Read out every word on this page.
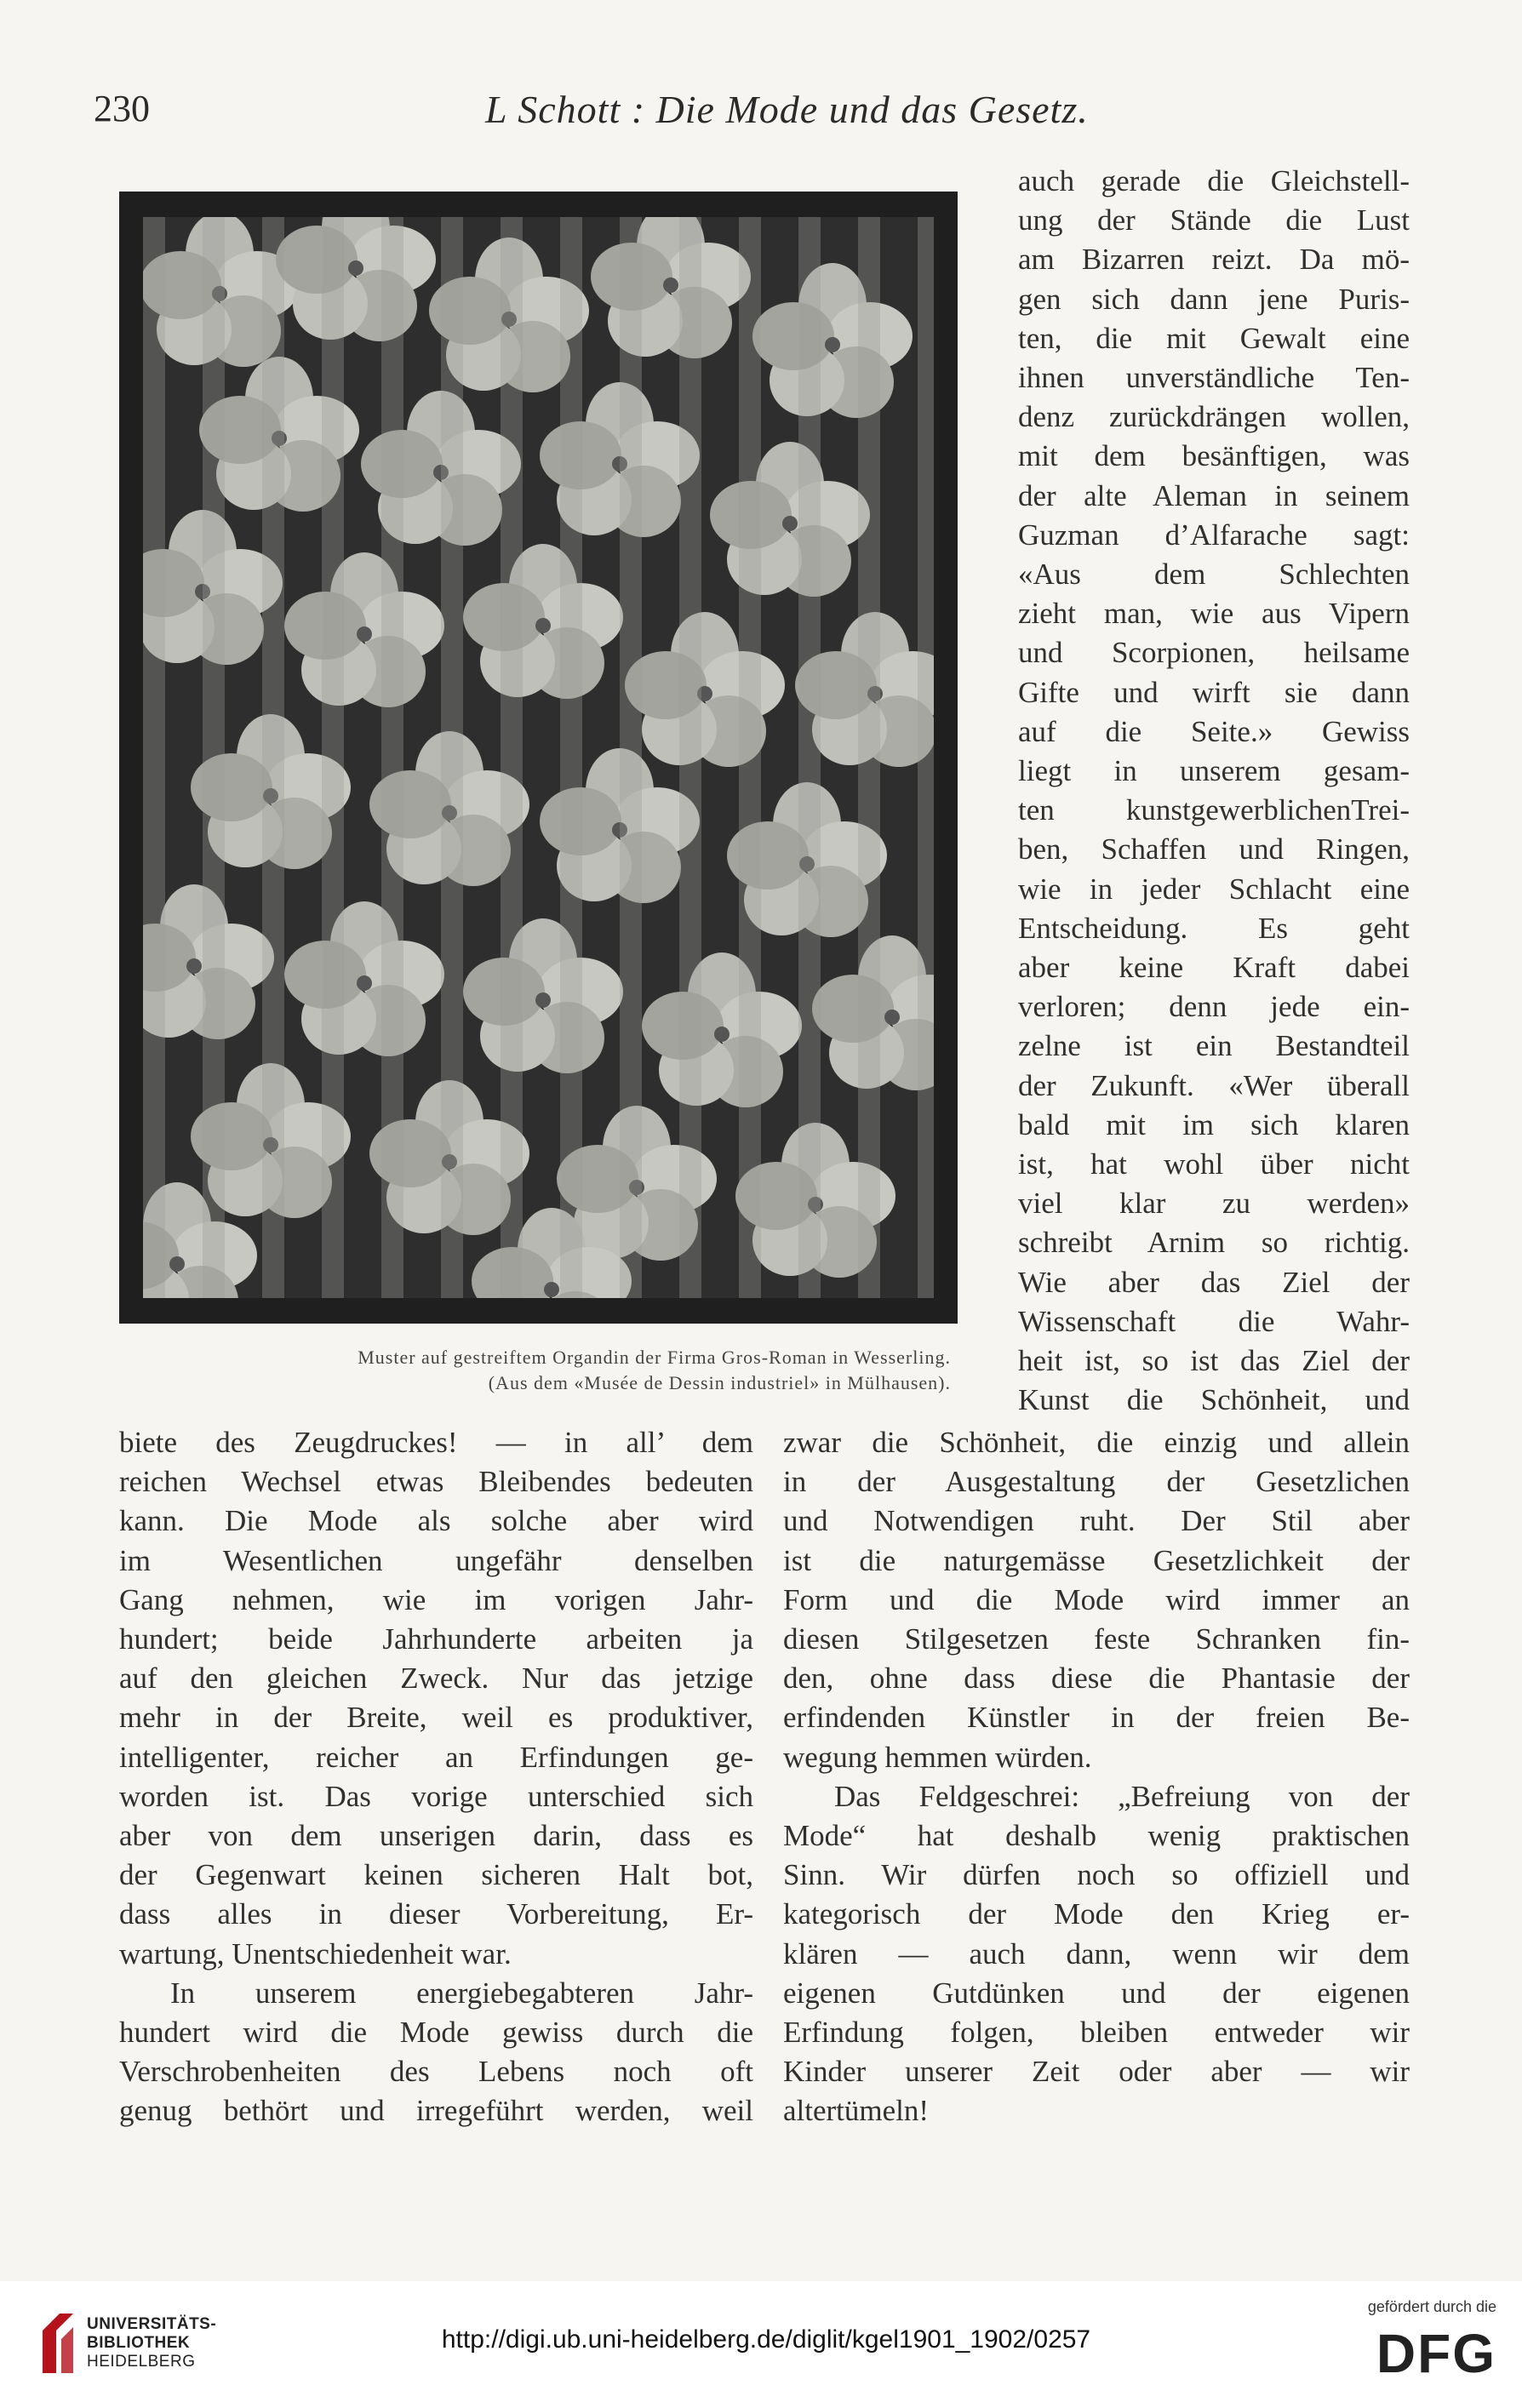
230	L Schott : Die Mode und das Gesetz.
Muster auf gestreiftem Organdin der Firma Gros-Roman in Wesserling.
(Aus dem «Musée de Dessin industriel» in Mülhausen).
auch gerade die Gleichstell-
ung der Stände die Lust
am Bizarren reizt. Da mö-
gen sich dann jene Puris-
ten, die mit Gewalt eine
ihnen unverständliche Ten-
denz zurückdrängen wollen,
mit dem besänftigen, was
der alte Aleman in seinem
Guzman d’Alfarache sagt:
«Aus dem Schlechten
zieht man, wie aus Vipern
und Scorpionen, heilsame
Gifte und wirft sie dann
auf die Seite.» Gewiss
liegt in unserem gesam-
ten kunstgewerblichenTrei-
ben, Schaffen und Ringen,
wie in jeder Schlacht eine
Entscheidung. Es geht
aber keine Kraft dabei
verloren; denn jede ein-
zelne ist ein Bestandteil
der Zukunft. «Wer überall
bald mit im sich klaren
ist, hat wohl über nicht
viel klar zu werden»
schreibt Arnim so richtig.
Wie aber das Ziel der
Wissenschaft die Wahr-
heit ist, so ist das Ziel der
Kunst die Schönheit, und
biete des Zeugdruckes! — in all’ dem
reichen Wechsel etwas Bleibendes bedeuten
kann. Die Mode als solche aber wird
im Wesentlichen ungefähr denselben
Gang nehmen, wie im vorigen Jahr-
hundert; beide Jahrhunderte arbeiten ja
auf den gleichen Zweck. Nur das jetzige
mehr in der Breite, weil es produktiver,
intelligenter, reicher an Erfindungen ge-
worden ist. Das vorige unterschied sich
aber von dem unserigen darin, dass es
der Gegenwart keinen sicheren Halt bot,
dass alles in dieser Vorbereitung, Er-
wartung, Unentschiedenheit war.
In unserem energiebegabteren Jahr-
hundert wird die Mode gewiss durch die
Verschrobenheiten des Lebens noch oft
genug bethört und irregeführt werden, weil
zwar die Schönheit, die einzig und allein
in der Ausgestaltung der Gesetzlichen
und Notwendigen ruht. Der Stil aber
ist die naturgemässe Gesetzlichkeit der
Form und die Mode wird immer an
diesen Stilgesetzen feste Schranken fin-
den, ohne dass diese die Phantasie der
erfindenden Künstler in der freien Be-
wegung hemmen würden.
Das Feldgeschrei: „Befreiung von der
Mode“ hat deshalb wenig praktischen
Sinn. Wir dürfen noch so offiziell und
kategorisch der Mode den Krieg er-
klären — auch dann, wenn wir dem
eigenen Gutdünken und der eigenen
Erfindung folgen, bleiben entweder wir
Kinder unserer Zeit oder aber — wir
altertümeln!
UNIVERSITÄTS-
BIBLIOTHEK
HEIDELBERG
http://digi.ub.uni-heidelberg.de/diglit/kgel1901_1902/0257
gefördert durch die
DFG
